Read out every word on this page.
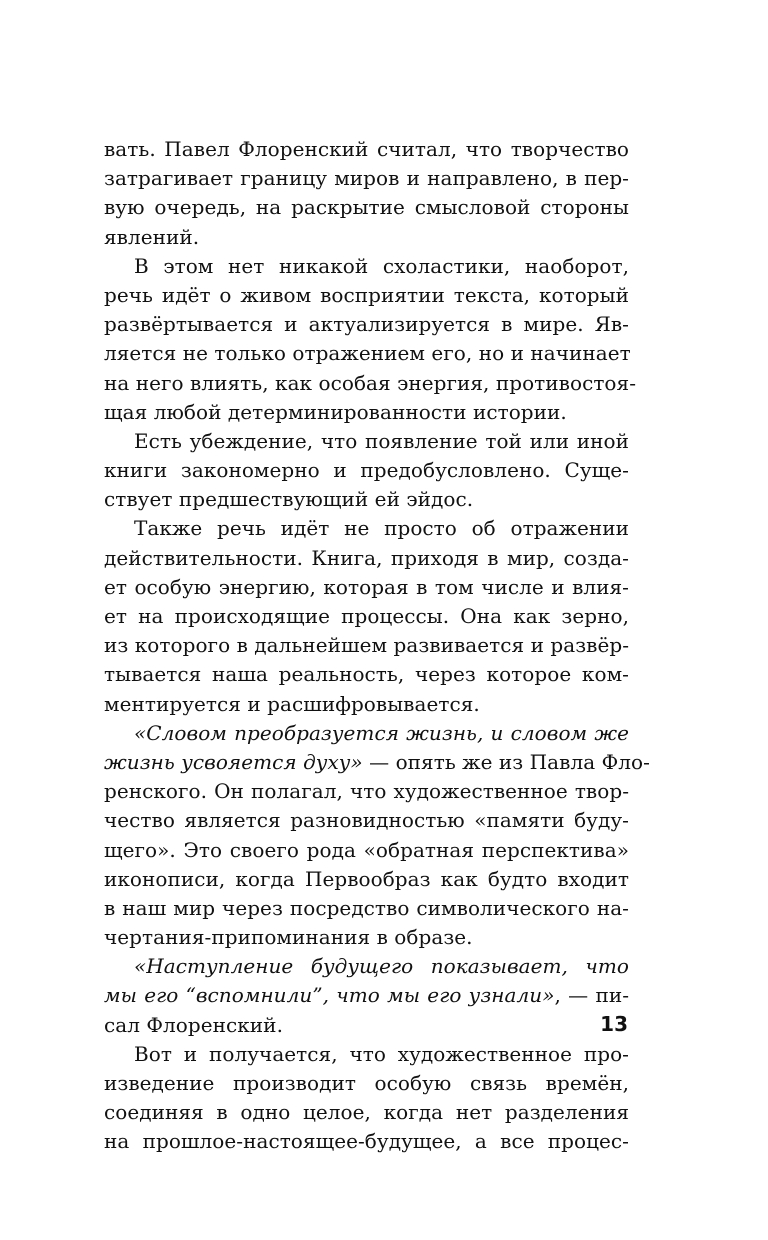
вать. Павел Флоренский считал, что творчество
затрагивает границу миров и направлено, в пер-
вую очередь, на раскрытие смысловой стороны
явлений.
В этом нет никакой схоластики, наоборот,
речь идёт о живом восприятии текста, который
развёртывается и актуализируется в мире. Яв-
ляется не только отражением его, но и начинает
на него влиять, как особая энергия, противостоя-
щая любой детерминированности истории.
Есть убеждение, что появление той или иной
книги закономерно и предобусловлено. Суще-
ствует предшествующий ей эйдос.
Также речь идёт не просто об отражении
действительности. Книга, приходя в мир, созда-
ет особую энергию, которая в том числе и влия-
ет на происходящие процессы. Она как зерно,
из которого в дальнейшем развивается и развёр-
тывается наша реальность, через которое ком-
ментируется и расшифровывается.
«Словом преобразуется жизнь, и словом же
жизнь усвояется духу» — опять же из Павла Фло-
ренского. Он полагал, что художественное твор-
чество является разновидностью «памяти буду-
щего». Это своего рода «обратная перспектива»
иконописи, когда Первообраз как будто входит
в наш мир через посредство символического на-
чертания-припоминания в образе.
«Наступление будущего показывает, что
мы его “вспомнили”, что мы его узнали», — пи-
сал Флоренский.
Вот и получается, что художественное про-
изведение производит особую связь времён,
соединяя в одно целое, когда нет разделения
на прошлое-настоящее-будущее, а все процес-
13
